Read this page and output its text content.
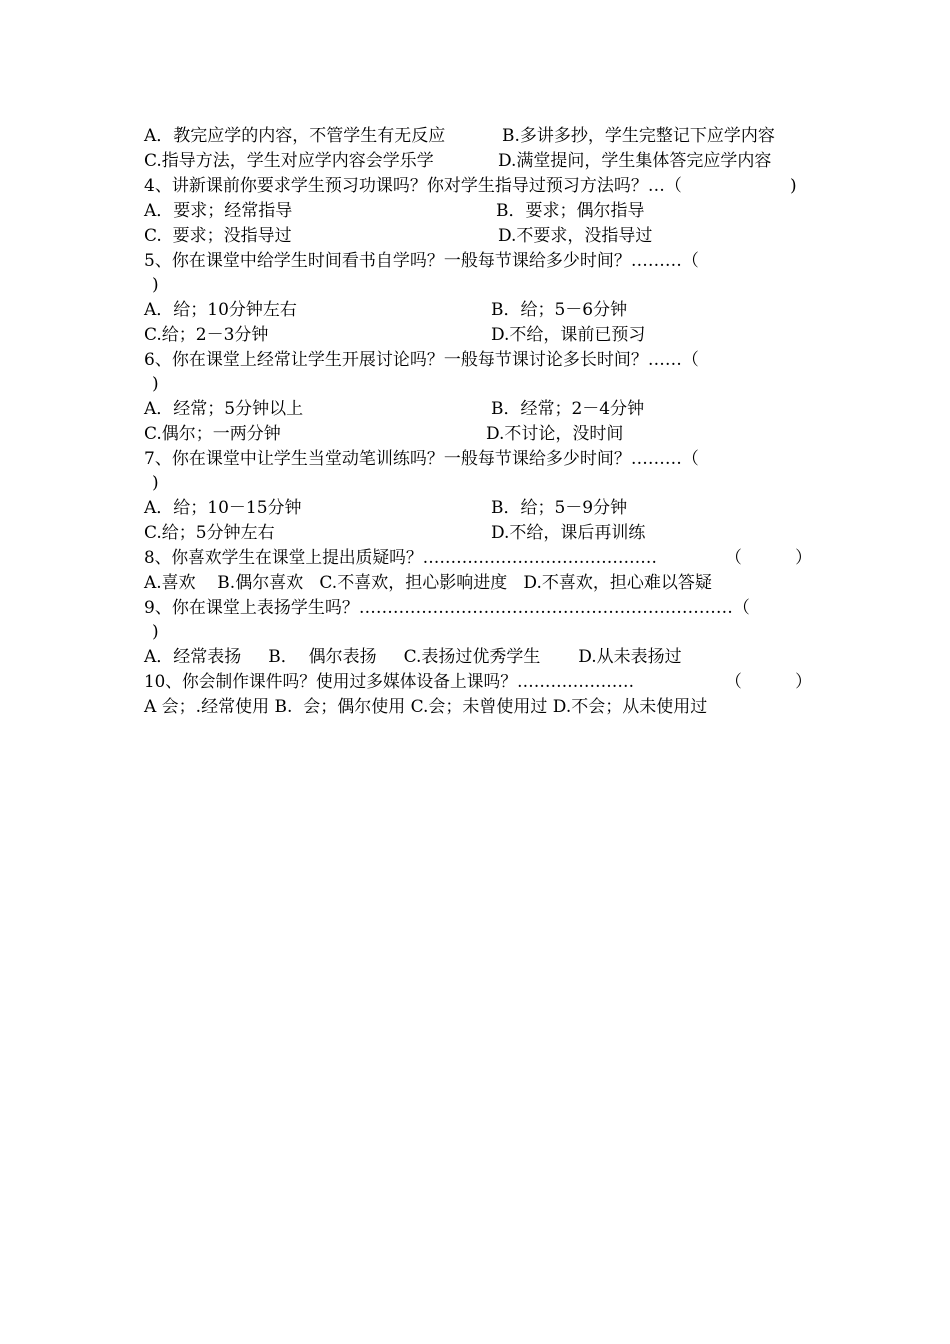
A．教完应学的内容，不管学生有无反应	B.多讲多抄，学生完整记下应学内容
C.指导方法，学生对应学内容会学乐学	D.满堂提问，学生集体答完应学内容
4、讲新课前你要求学生预习功课吗？你对学生指导过预习方法吗？…（	)
A．要求；经常指导	B．要求；偶尔指导
C.  要求；没指导过	D.不要求，没指导过
5、你在课堂中给学生时间看书自学吗？一般每节课给多少时间？………（
)
A．给；10分钟左右	B．给；5－6分钟
C.给；2－3分钟	D.不给，课前已预习
6、你在课堂上经常让学生开展讨论吗？一般每节课讨论多长时间？……（
)
A．经常；5分钟以上	B．经常；2－4分钟
C.偶尔；一两分钟	D.不讨论，没时间
7、你在课堂中让学生当堂动笔训练吗？一般每节课给多少时间？………（
)
A．给；10－15分钟	B．给；5－9分钟
C.给；5分钟左右	D.不给，课后再训练
8、你喜欢学生在课堂上提出质疑吗？……………………………………	（          ）
A.喜欢    B.偶尔喜欢   C.不喜欢，担心影响进度   D.不喜欢，担心难以答疑
9、你在课堂上表扬学生吗？…………………………………………………………（
)
A．经常表扬     B．  偶尔表扬     C.表扬过优秀学生       D.从未表扬过
10、你会制作课件吗？使用过多媒体设备上课吗？…………………	（          ）
A 会；.经常使用 B.  会；偶尔使用 C.会；未曾使用过 D.不会；从未使用过
